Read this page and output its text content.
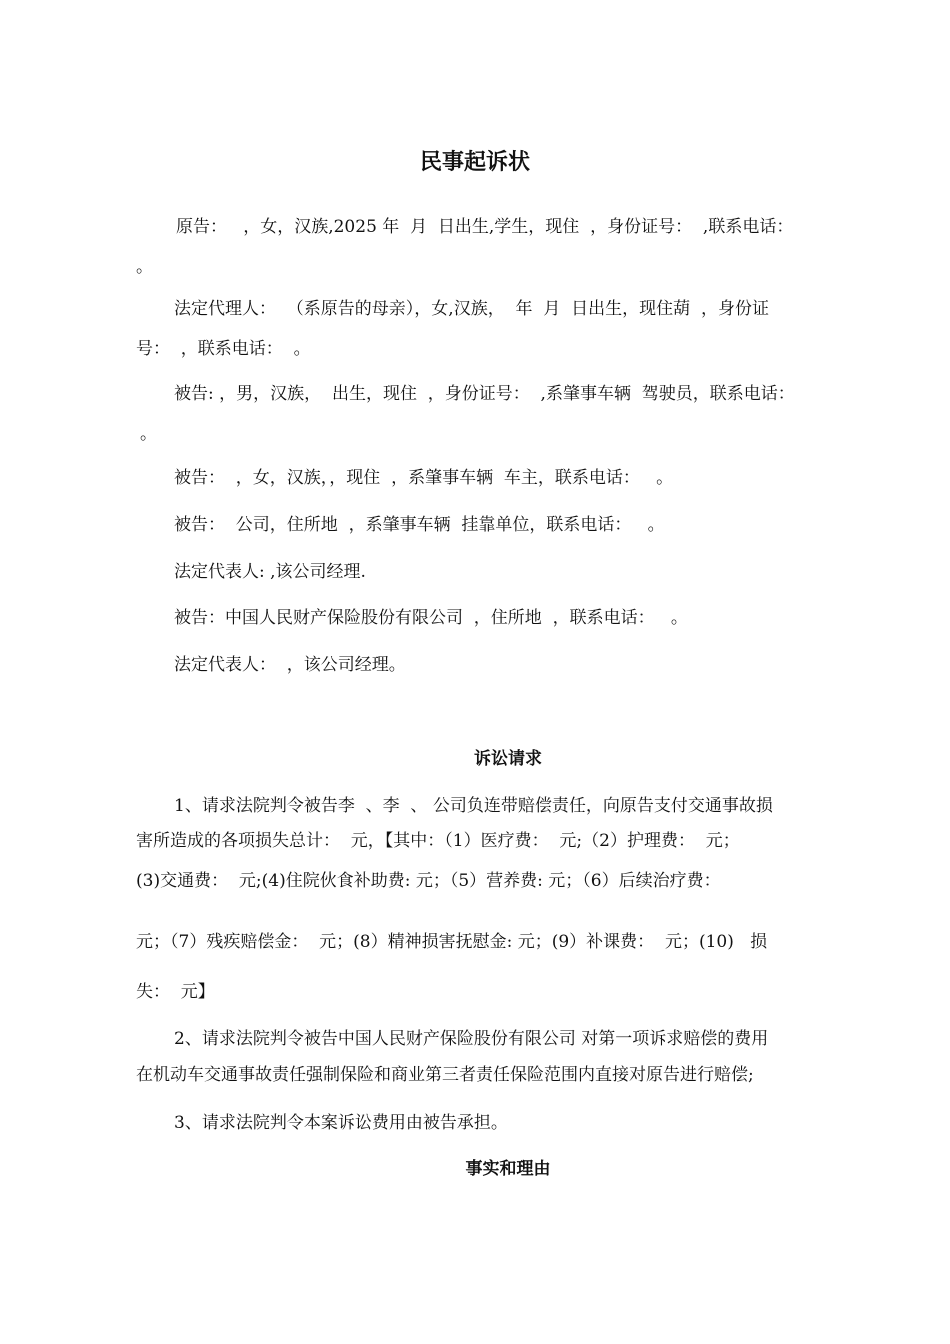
民事起诉状
原告：   ，女，汉族,2025 年  月  日出生,学生，现住  ，身份证号：  ,联系电话：
。
法定代理人：  （系原告的母亲），女,汉族，  年  月  日出生，现住葫  ，身份证
号：  ，联系电话：  。
被告: ，男，汉族，  出生，现住  ，身份证号：  ,系肇事车辆  驾驶员，联系电话：
。
被告：  ，女，汉族，，现住  ，系肇事车辆  车主，联系电话：   。
被告：  公司，住所地  ，系肇事车辆  挂靠单位，联系电话：   。
法定代表人: ,该公司经理.
被告：中国人民财产保险股份有限公司  ，住所地  ，联系电话：   。
法定代表人：  ，该公司经理。
诉讼请求
1、请求法院判令被告李  、李  、 公司负连带赔偿责任，向原告支付交通事故损
害所造成的各项损失总计：  元，【其中：（1）医疗费：  元;（2）护理费：  元；
(3)交通费：  元;(4)住院伙食补助费: 元；（5）营养费: 元；（6）后续治疗费：
元；（7）残疾赔偿金：  元；(8）精神损害抚慰金: 元；(9）补课费：  元；(10)   损
失：  元】
2、请求法院判令被告中国人民财产保险股份有限公司 对第一项诉求赔偿的费用
在机动车交通事故责任强制保险和商业第三者责任保险范围内直接对原告进行赔偿;
3、请求法院判令本案诉讼费用由被告承担。
事实和理由
